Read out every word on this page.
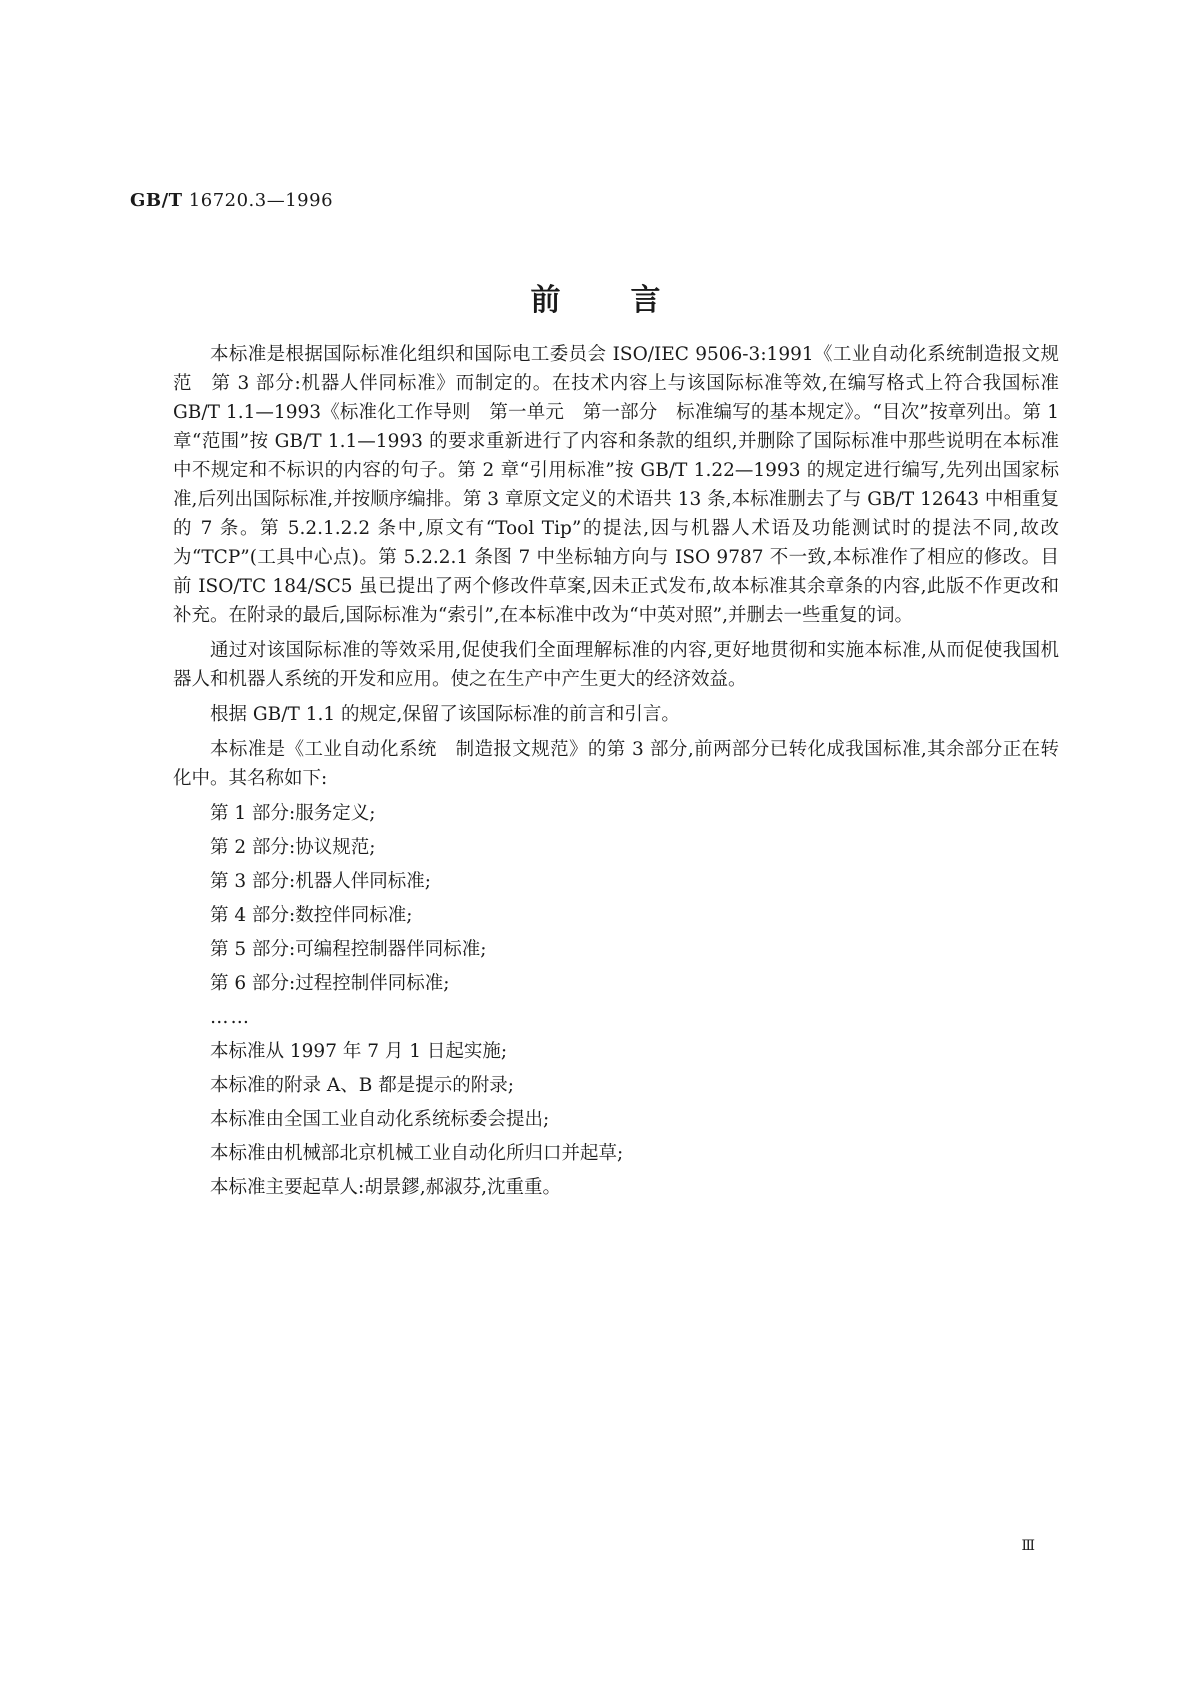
GB/T 16720.3—1996
前言

本标准是根据国际标准化组织和国际电工委员会 ISO/IEC 9506-3:1991《工业自动化系统制造报文规范　第 3 部分:机器人伴同标准》而制定的。在技术内容上与该国际标准等效,在编写格式上符合我国标准 GB/T 1.1—1993《标准化工作导则　第一单元　第一部分　标准编写的基本规定》。“目次”按章列出。第 1 章“范围”按 GB/T 1.1—1993 的要求重新进行了内容和条款的组织,并删除了国际标准中那些说明在本标准中不规定和不标识的内容的句子。第 2 章“引用标准”按 GB/T 1.22—1993 的规定进行编写,先列出国家标准,后列出国际标准,并按顺序编排。第 3 章原文定义的术语共 13 条,本标准删去了与 GB/T 12643 中相重复的 7 条。第 5.2.1.2.2 条中,原文有“Tool Tip”的提法,因与机器人术语及功能测试时的提法不同,故改为“TCP”(工具中心点)。第 5.2.2.1 条图 7 中坐标轴方向与 ISO 9787 不一致,本标准作了相应的修改。目前 ISO/TC 184/SC5 虽已提出了两个修改件草案,因未正式发布,故本标准其余章条的内容,此版不作更改和补充。在附录的最后,国际标准为“索引”,在本标准中改为“中英对照”,并删去一些重复的词。

通过对该国际标准的等效采用,促使我们全面理解标准的内容,更好地贯彻和实施本标准,从而促使我国机器人和机器人系统的开发和应用。使之在生产中产生更大的经济效益。

根据 GB/T 1.1 的规定,保留了该国际标准的前言和引言。

本标准是《工业自动化系统　制造报文规范》的第 3 部分,前两部分已转化成我国标准,其余部分正在转化中。其名称如下:

第 1 部分:服务定义;
第 2 部分:协议规范;
第 3 部分:机器人伴同标准;
第 4 部分:数控伴同标准;
第 5 部分:可编程控制器伴同标准;
第 6 部分:过程控制伴同标准;
……
本标准从 1997 年 7 月 1 日起实施;
本标准的附录 A、B 都是提示的附录;
本标准由全国工业自动化系统标委会提出;
本标准由机械部北京机械工业自动化所归口并起草;
本标准主要起草人:胡景鏐,郝淑芬,沈重重。
Ⅲ
